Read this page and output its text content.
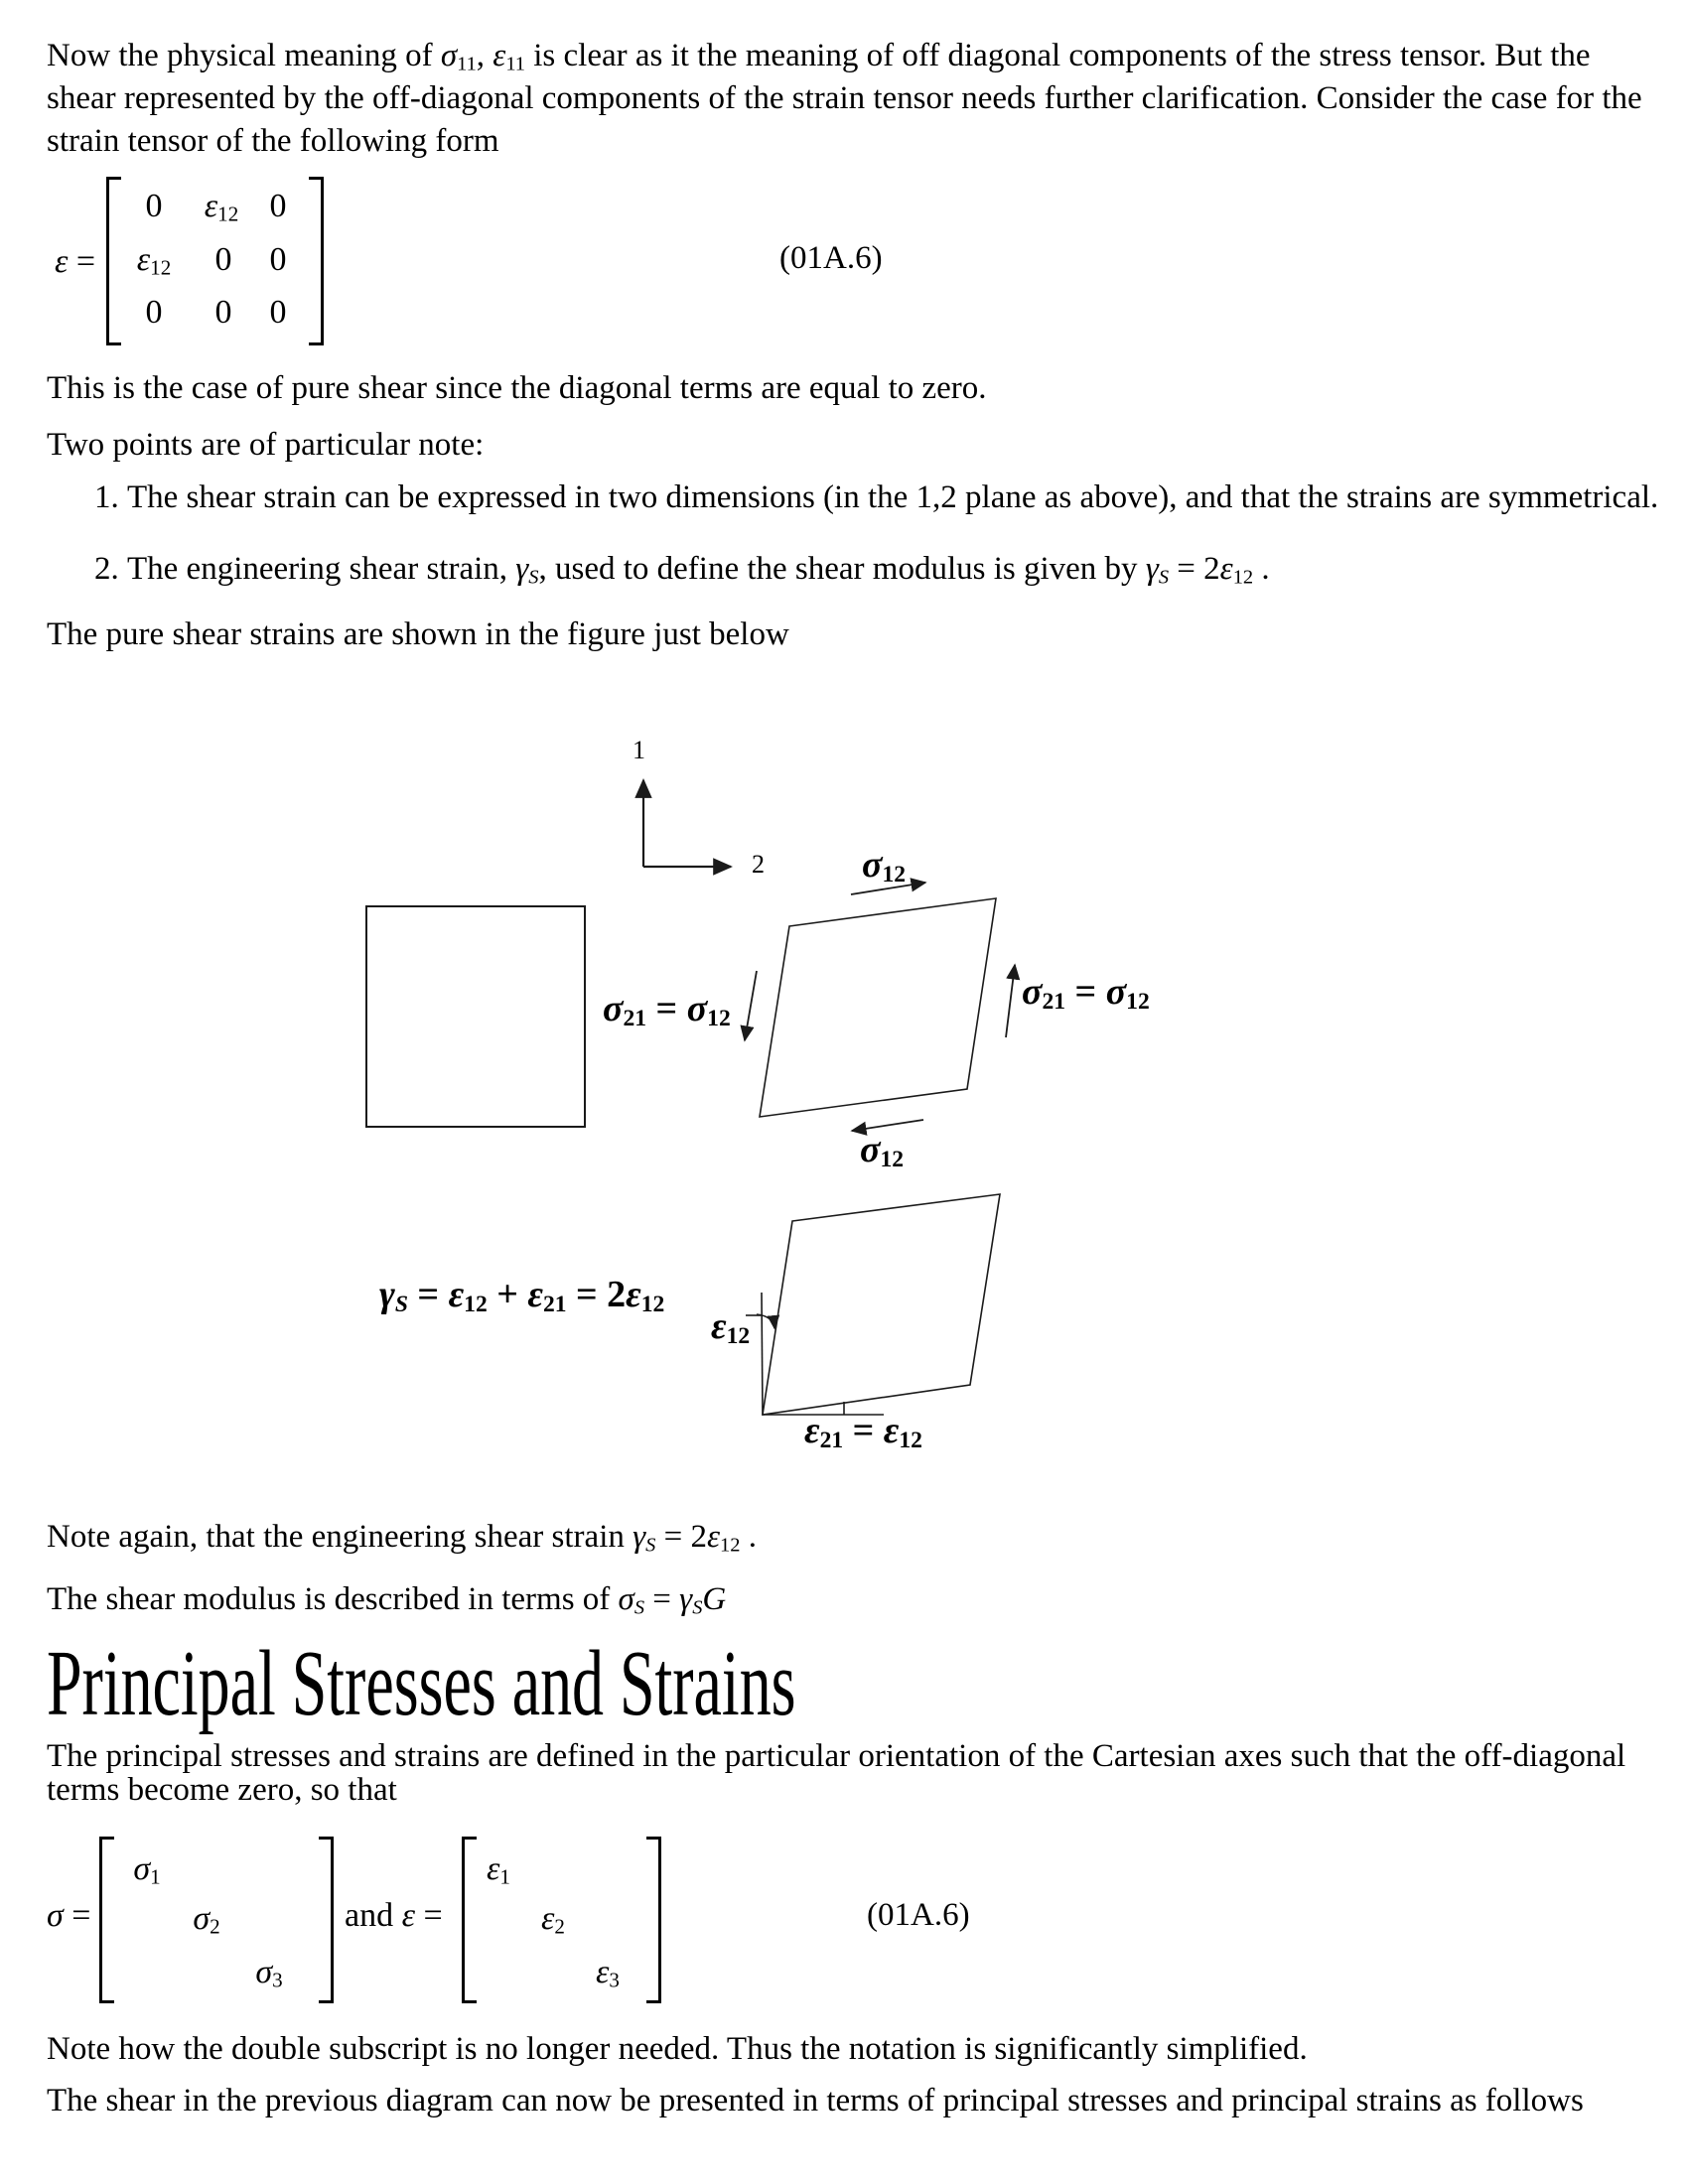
Now the physical meaning of $\sigma_{11}$, $\varepsilon_{11}$ is clear as it the meaning of off diagonal components of the stress tensor. But the
shear represented by the off-diagonal components of the strain tensor needs further clarification. Consider the case for the
strain tensor of the following form
ε =
0 $\varepsilon_{12}$ 0
$\varepsilon_{12}$ 0 0
0 0 0
(01A.6)
This is the case of pure shear since the diagonal terms are equal to zero.
Two points are of particular note:
1. The shear strain can be expressed in two dimensions (in the 1,2 plane as above), and that the strains are symmetrical.
2. The engineering shear strain, γS, used to define the shear modulus is given by $\gamma S = 2\varepsilon_{12}$ .
The pure shear strains are shown in the figure just below
1
2	$\sigma_{12}$
$\sigma_{21} = \sigma_{12}$
$\sigma_{21} = \sigma_{12}$
$\sigma_{12}$
$\gamma S = \varepsilon_{12} + \varepsilon_{21} = 2\varepsilon_{12}$
$\varepsilon_{12}$
$\varepsilon_{21} = \varepsilon_{12}$
Note again, that the engineering shear strain $\gamma S = 2\varepsilon_{12}$ .
The shear modulus is described in terms of σS = γSG
Principal Stresses and Strains
The principal stresses and strains are defined in the particular orientation of the Cartesian axes such that the off-diagonal
terms become zero, so that
σ =
$\sigma_1$
$\sigma_2$
$\sigma_3$
and ε =
$\varepsilon_1$
$\varepsilon_2$
$\varepsilon_3$
(01A.6)
Note how the double subscript is no longer needed. Thus the notation is significantly simplified.
The shear in the previous diagram can now be presented in terms of principal stresses and principal strains as follows
